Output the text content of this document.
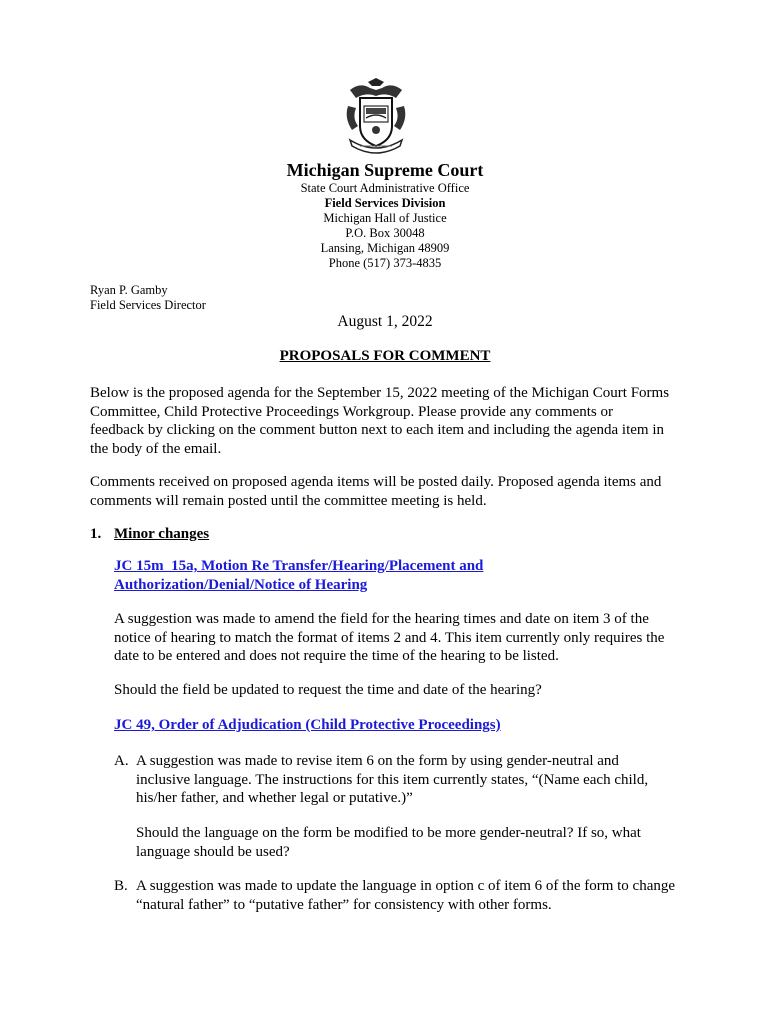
Michigan Supreme Court
State Court Administrative Office
Field Services Division
Michigan Hall of Justice
P.O. Box 30048
Lansing, Michigan 48909
Phone (517) 373-4835
Ryan P. Gamby
Field Services Director
August 1, 2022
PROPOSALS FOR COMMENT

Below is the proposed agenda for the September 15, 2022 meeting of the Michigan Court Forms Committee, Child Protective Proceedings Workgroup. Please provide any comments or feedback by clicking on the comment button next to each item and including the agenda item in the body of the email.

Comments received on proposed agenda items will be posted daily. Proposed agenda items and comments will remain posted until the committee meeting is held.

1. Minor changes
JC 15m_15a, Motion Re Transfer/Hearing/Placement and Authorization/Denial/Notice of Hearing

A suggestion was made to amend the field for the hearing times and date on item 3 of the notice of hearing to match the format of items 2 and 4. This item currently only requires the date to be entered and does not require the time of the hearing to be listed.

Should the field be updated to request the time and date of the hearing?

JC 49, Order of Adjudication (Child Protective Proceedings)
A. A suggestion was made to revise item 6 on the form by using gender-neutral and inclusive language. The instructions for this item currently states, “(Name each child, his/her father, and whether legal or putative.)”

Should the language on the form be modified to be more gender-neutral? If so, what language should be used?

B. A suggestion was made to update the language in option c of item 6 of the form to change “natural father” to “putative father” for consistency with other forms.
